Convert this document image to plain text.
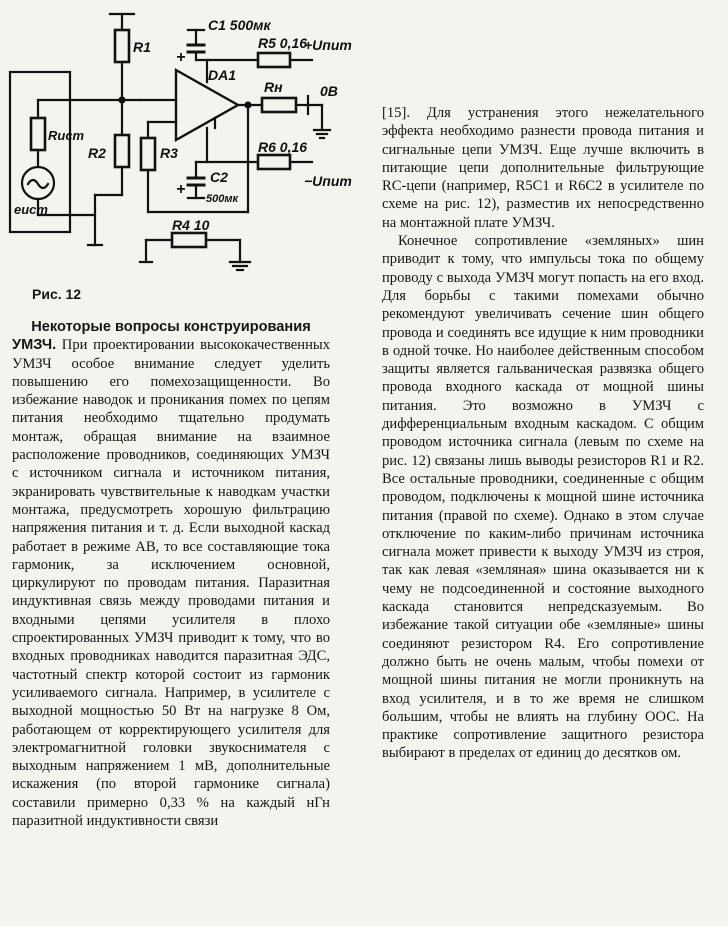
R1
R2	R3
R4 10
R5 0,16
R6 0,16
Rн
DA1
C1 500мк
C2
500мк
+
+
Rист
eист
0В
+Uпит
−Uпит
Рис. 12
Некоторые вопросы конструирования

УМЗЧ. При проектировании высококачественных УМЗЧ особое внимание следует уделить повышению его помехозащищенности. Во избежание наводок и проникания помех по цепям питания необходимо тщательно продумать монтаж, обращая внимание на взаимное расположение проводников, соединяющих УМЗЧ с источником сигнала и источником питания, экранировать чувствительные к наводкам участки монтажа, предусмотреть хорошую фильтрацию напряжения питания и т. д. Если выходной каскад работает в режиме АВ, то все составляющие тока гармоник, за исключением основной, циркулируют по проводам питания. Паразитная индуктивная связь между проводами питания и входными цепями усилителя в плохо спроектированных УМЗЧ приводит к тому, что во входных проводниках наводится паразитная ЭДС, частотный спектр которой состоит из гармоник усиливаемого сигнала. Например, в усилителе с выходной мощностью 50 Вт на нагрузке 8 Ом, работающем от корректирующего усилителя для электромагнитной головки звукоснимателя с выходным напряжением 1 мВ, дополнительные искажения (по второй гармонике сигнала) составили примерно 0,33 % на каждый нГн паразитной индуктивности связи

[15]. Для устранения этого нежелательного эффекта необходимо разнести провода питания и сигнальные цепи УМЗЧ. Еще лучше включить в питающие цепи дополнительные фильтрующие RC-цепи (например, R5C1 и R6C2 в усилителе по схеме на рис. 12), разместив их непосредственно на монтажной плате УМЗЧ.

Конечное сопротивление «земляных» шин приводит к тому, что импульсы тока по общему проводу с выхода УМЗЧ могут попасть на его вход. Для борьбы с такими помехами обычно рекомендуют увеличивать сечение шин общего провода и соединять все идущие к ним проводники в одной точке. Но наиболее действенным способом защиты является гальваническая развязка общего провода входного каскада от мощной шины питания. Это возможно в УМЗЧ с дифференциальным входным каскадом. С общим проводом источника сигнала (левым по схеме на рис. 12) связаны лишь выводы резисторов R1 и R2. Все остальные проводники, соединенные с общим проводом, подключены к мощной шине источника питания (правой по схеме). Однако в этом случае отключение по каким-либо причинам источника сигнала может привести к выходу УМЗЧ из строя, так как левая «земляная» шина оказывается ни к чему не подсоединенной и состояние выходного каскада становится непредсказуемым. Во избежание такой ситуации обе «земляные» шины соединяют резистором R4. Его сопротивление должно быть не очень малым, чтобы помехи от мощной шины питания не могли проникнуть на вход усилителя, и в то же время не слишком большим, чтобы не влиять на глубину ООС. На практике сопротивление защитного резистора выбирают в пределах от единиц до десятков ом.
